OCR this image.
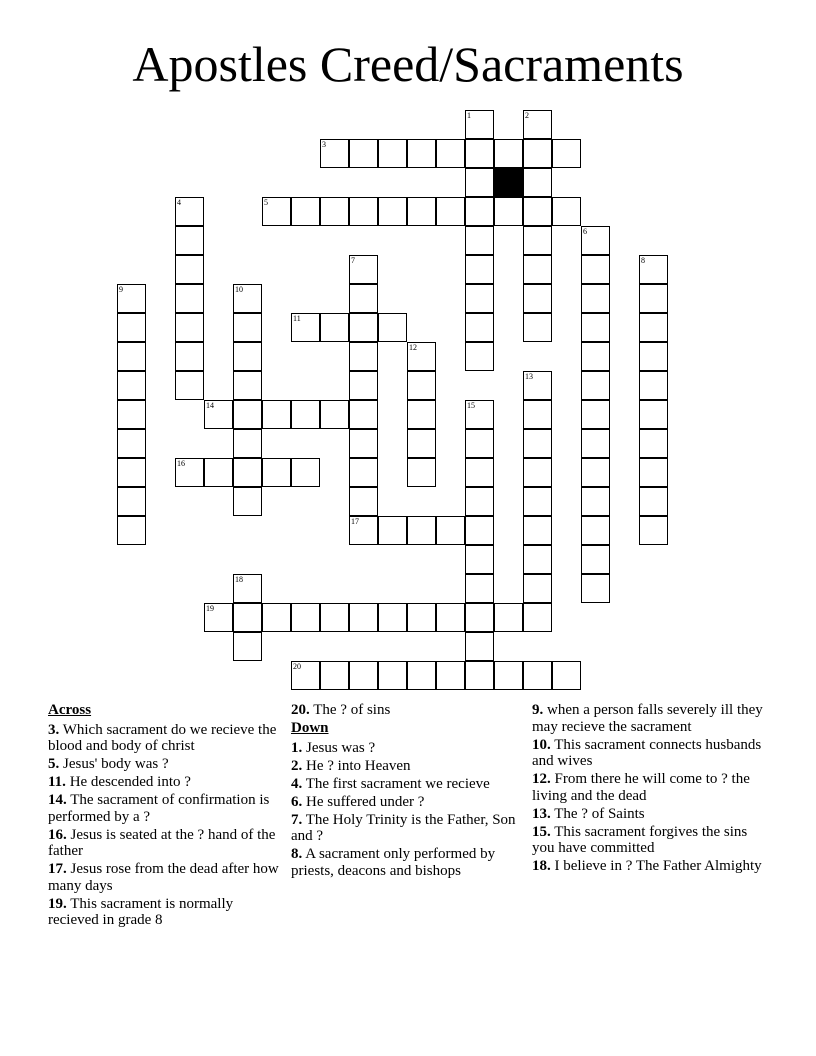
Apostles Creed/Sacraments
1	2
3
4	5
6
7	8
9	10
11
12
13
14	15
16
17
18
19
20
Across
3. Which sacrament do we recieve the blood and body of christ
5. Jesus' body was ?
11. He descended into ?
14. The sacrament of confirmation is performed by a ?
16. Jesus is seated at the ? hand of the father
17. Jesus rose from the dead after how many days
19. This sacrament is normally recieved in grade 8
20. The ? of sins
Down
1. Jesus was ?
2. He ? into Heaven
4. The first sacrament we recieve
6. He suffered under ?
7. The Holy Trinity is the Father, Son and ?
8. A sacrament only performed by priests, deacons and bishops
9. when a person falls severely ill they may recieve the sacrament
10. This sacrament connects husbands and wives
12. From there he will come to ? the living and the dead
13. The ? of Saints
15. This sacrament forgives the sins you have committed
18. I believe in ? The Father Almighty
